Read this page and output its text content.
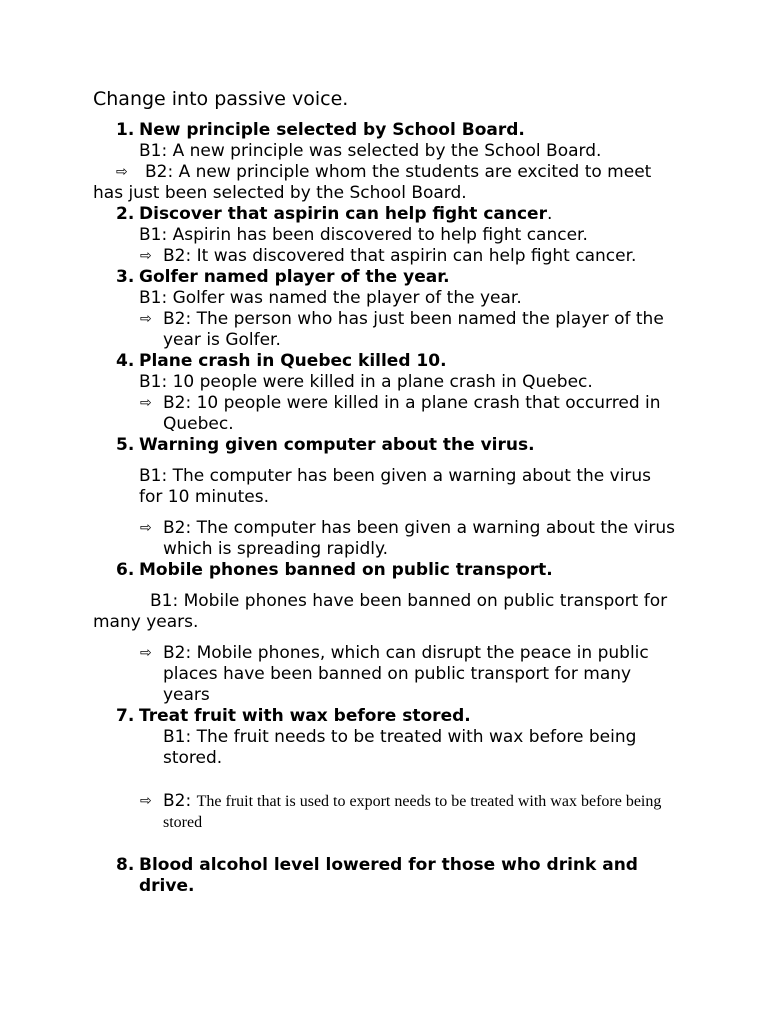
Change into passive voice.
1. New principle selected by School Board.
B1: A new principle was selected by the School Board.
⇨ B2: A new principle whom the students are excited to meet has just been selected by the School Board.
2. Discover that aspirin can help fight cancer.
B1: Aspirin has been discovered to help fight cancer.
⇨ B2: It was discovered that aspirin can help fight cancer.
3. Golfer named player of the year.
B1: Golfer was named the player of the year.
⇨ B2: The person who has just been named the player of the year is Golfer.
4. Plane crash in Quebec killed 10.
B1: 10 people were killed in a plane crash in Quebec.
⇨ B2: 10 people were killed in a plane crash that occurred in Quebec.
5. Warning given computer about the virus.
B1: The computer has been given a warning about the virus for 10 minutes.
⇨ B2: The computer has been given a warning about the virus which is spreading rapidly.
6. Mobile phones banned on public transport.
B1: Mobile phones have been banned on public transport for many years.
⇨ B2: Mobile phones, which can disrupt the peace in public places have been banned on public transport for many years
7. Treat fruit with wax before stored.
B1: The fruit needs to be treated with wax before being stored.
⇨ B2: The fruit that is used to export needs to be treated with wax before being stored
8. Blood alcohol level lowered for those who drink and drive.
